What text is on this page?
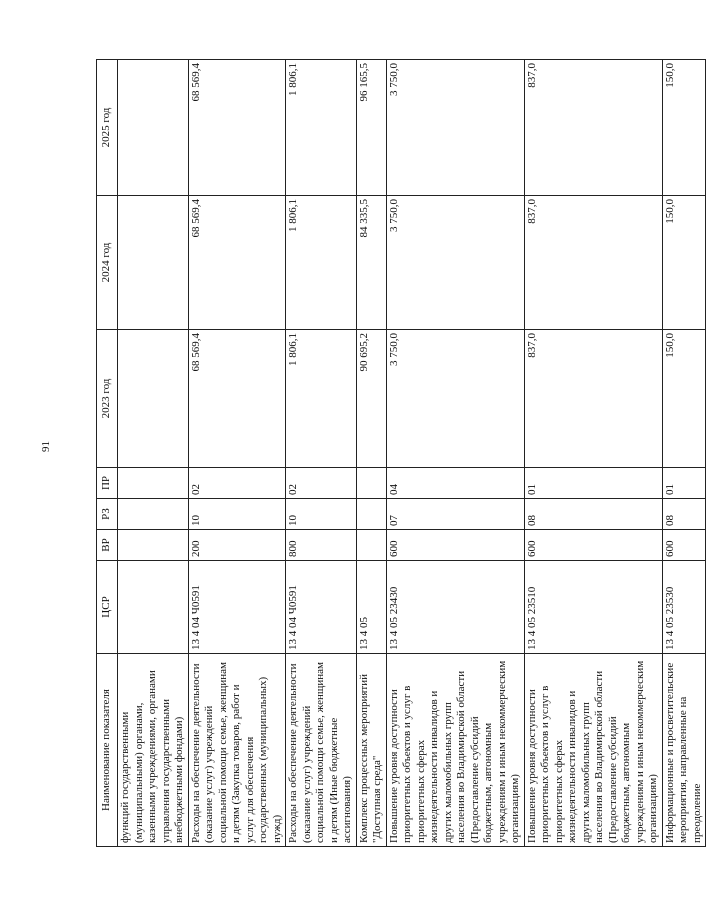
91
Наименование показателя	ЦСР	ВР	РЗ	ПР	2023 год	2024 год	2025 год
функций государственными (муниципальными) органами, казенными учреждениями, органами управления государственными внебюджетными фондами)							
Расходы на обеспечение деятельности (оказание услуг) учреждений социальной помощи семье, женщинам и детям (Закупка товаров, работ и услуг для обеспечения государственных (муниципальных) нужд)	13 4 04 Ч0591	200	10	02	68 569,4	68 569,4	68 569,4
Расходы на обеспечение деятельности (оказание услуг) учреждений социальной помощи семье, женщинам и детям (Иные бюджетные ассигнования)	13 4 04 Ч0591	800	10	02	1 806,1	1 806,1	1 806,1
Комплекс процессных мероприятий "Доступная среда"	13 4 05				90 695,2	84 335,5	96 165,5
Повышение уровня доступности приоритетных объектов и услуг в приоритетных сферах жизнедеятельности инвалидов и других маломобильных групп населения во Владимирской области (Предоставление субсидий бюджетным, автономным учреждениям и иным некоммерческим организациям)	13 4 05 23430	600	07	04	3 750,0	3 750,0	3 750,0
Повышение уровня доступности приоритетных объектов и услуг в приоритетных сферах жизнедеятельности инвалидов и других маломобильных групп населения во Владимирской области (Предоставление субсидий бюджетным, автономным учреждениям и иным некоммерческим организациям)	13 4 05 23510	600	08	01	837,0	837,0	837,0
Информационные и просветительские мероприятия, направленные на преодоление	13 4 05 23530	600	08	01	150,0	150,0	150,0
